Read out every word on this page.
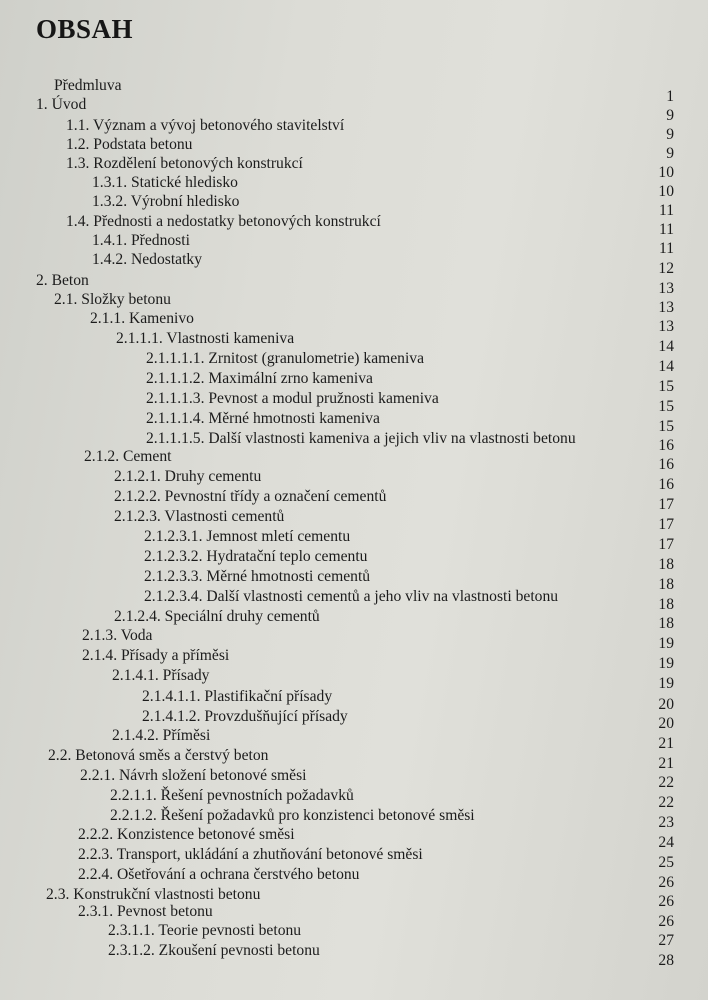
OBSAH
Předmluva
1. Úvod
1.1. Význam a vývoj betonového stavitelství
1.2. Podstata betonu
1.3. Rozdělení betonových konstrukcí
1.3.1. Statické hledisko
1.3.2. Výrobní hledisko
1.4. Přednosti a nedostatky betonových konstrukcí
1.4.1. Přednosti
1.4.2. Nedostatky
2. Beton
2.1. Složky betonu
2.1.1. Kamenivo
2.1.1.1. Vlastnosti kameniva
2.1.1.1.1. Zrnitost (granulometrie) kameniva
2.1.1.1.2. Maximální zrno kameniva
2.1.1.1.3. Pevnost a modul pružnosti kameniva
2.1.1.1.4. Měrné hmotnosti kameniva
2.1.1.1.5. Další vlastnosti kameniva a jejich vliv na vlastnosti betonu
2.1.2. Cement
2.1.2.1. Druhy cementu
2.1.2.2. Pevnostní třídy a označení cementů
2.1.2.3. Vlastnosti cementů
2.1.2.3.1. Jemnost mletí cementu
2.1.2.3.2. Hydratační teplo cementu
2.1.2.3.3. Měrné hmotnosti cementů
2.1.2.3.4. Další vlastnosti cementů a jeho vliv na vlastnosti betonu
2.1.2.4. Speciální druhy cementů
2.1.3. Voda
2.1.4. Přísady a příměsi
2.1.4.1. Přísady
2.1.4.1.1. Plastifikační přísady
2.1.4.1.2. Provzdušňující přísady
2.1.4.2. Příměsi
2.2. Betonová směs a čerstvý beton
2.2.1. Návrh složení betonové směsi
2.2.1.1. Řešení pevnostních požadavků
2.2.1.2. Řešení požadavků pro konzistenci betonové směsi
2.2.2. Konzistence betonové směsi
2.2.3. Transport, ukládání a zhutňování betonové směsi
2.2.4. Ošetřování a ochrana čerstvého betonu
2.3. Konstrukční vlastnosti betonu
2.3.1. Pevnost betonu
2.3.1.1. Teorie pevnosti betonu
2.3.1.2. Zkoušení pevnosti betonu
1
9
9
9
10
10
11
11
11
12
13
13
13
14
14
15
15
15
16
16
16
17
17
17
18
18
18
18
19
19
19
20
20
21
21
22
22
23
24
25
26
26
26
27
28
